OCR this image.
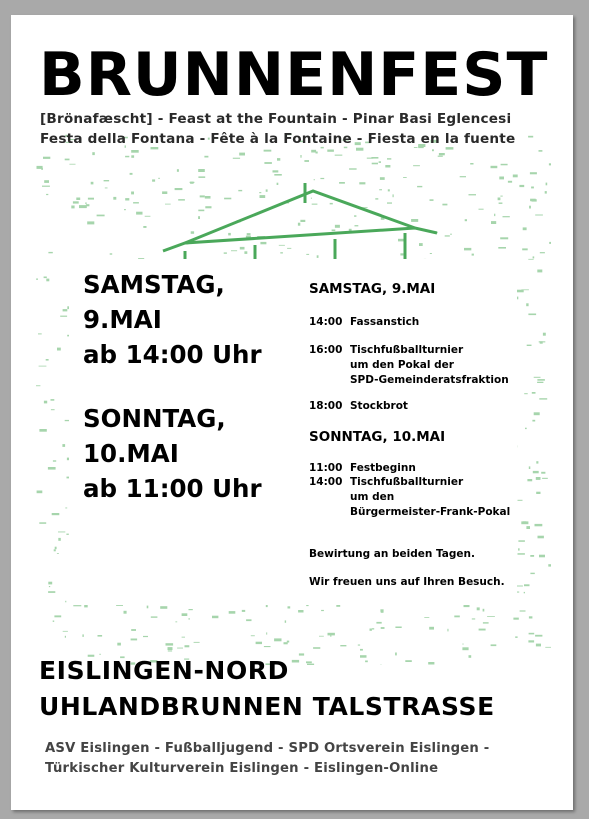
BRUNNENFEST
[Brönafæscht] - Feast at the Fountain - Pinar Basi Eglencesi
Festa della Fontana - Fête à la Fontaine - Fiesta en la fuente
SAMSTAG,
9.MAI
ab 14:00 Uhr
SONNTAG,
10.MAI
ab 11:00 Uhr
SAMSTAG, 9.MAI
14:00 Fassanstich
16:00 Tischfußballturnier
um den Pokal der
SPD-Gemeinderatsfraktion
18:00 Stockbrot
SONNTAG, 10.MAI
11:00 Festbeginn
14:00 Tischfußballturnier
um den
Bürgermeister-Frank-Pokal
Bewirtung an beiden Tagen.
Wir freuen uns auf Ihren Besuch.
EISLINGEN-NORD
UHLANDBRUNNEN TALSTRASSE
ASV Eislingen - Fußballjugend - SPD Ortsverein Eislingen -
Türkischer Kulturverein Eislingen - Eislingen-Online
